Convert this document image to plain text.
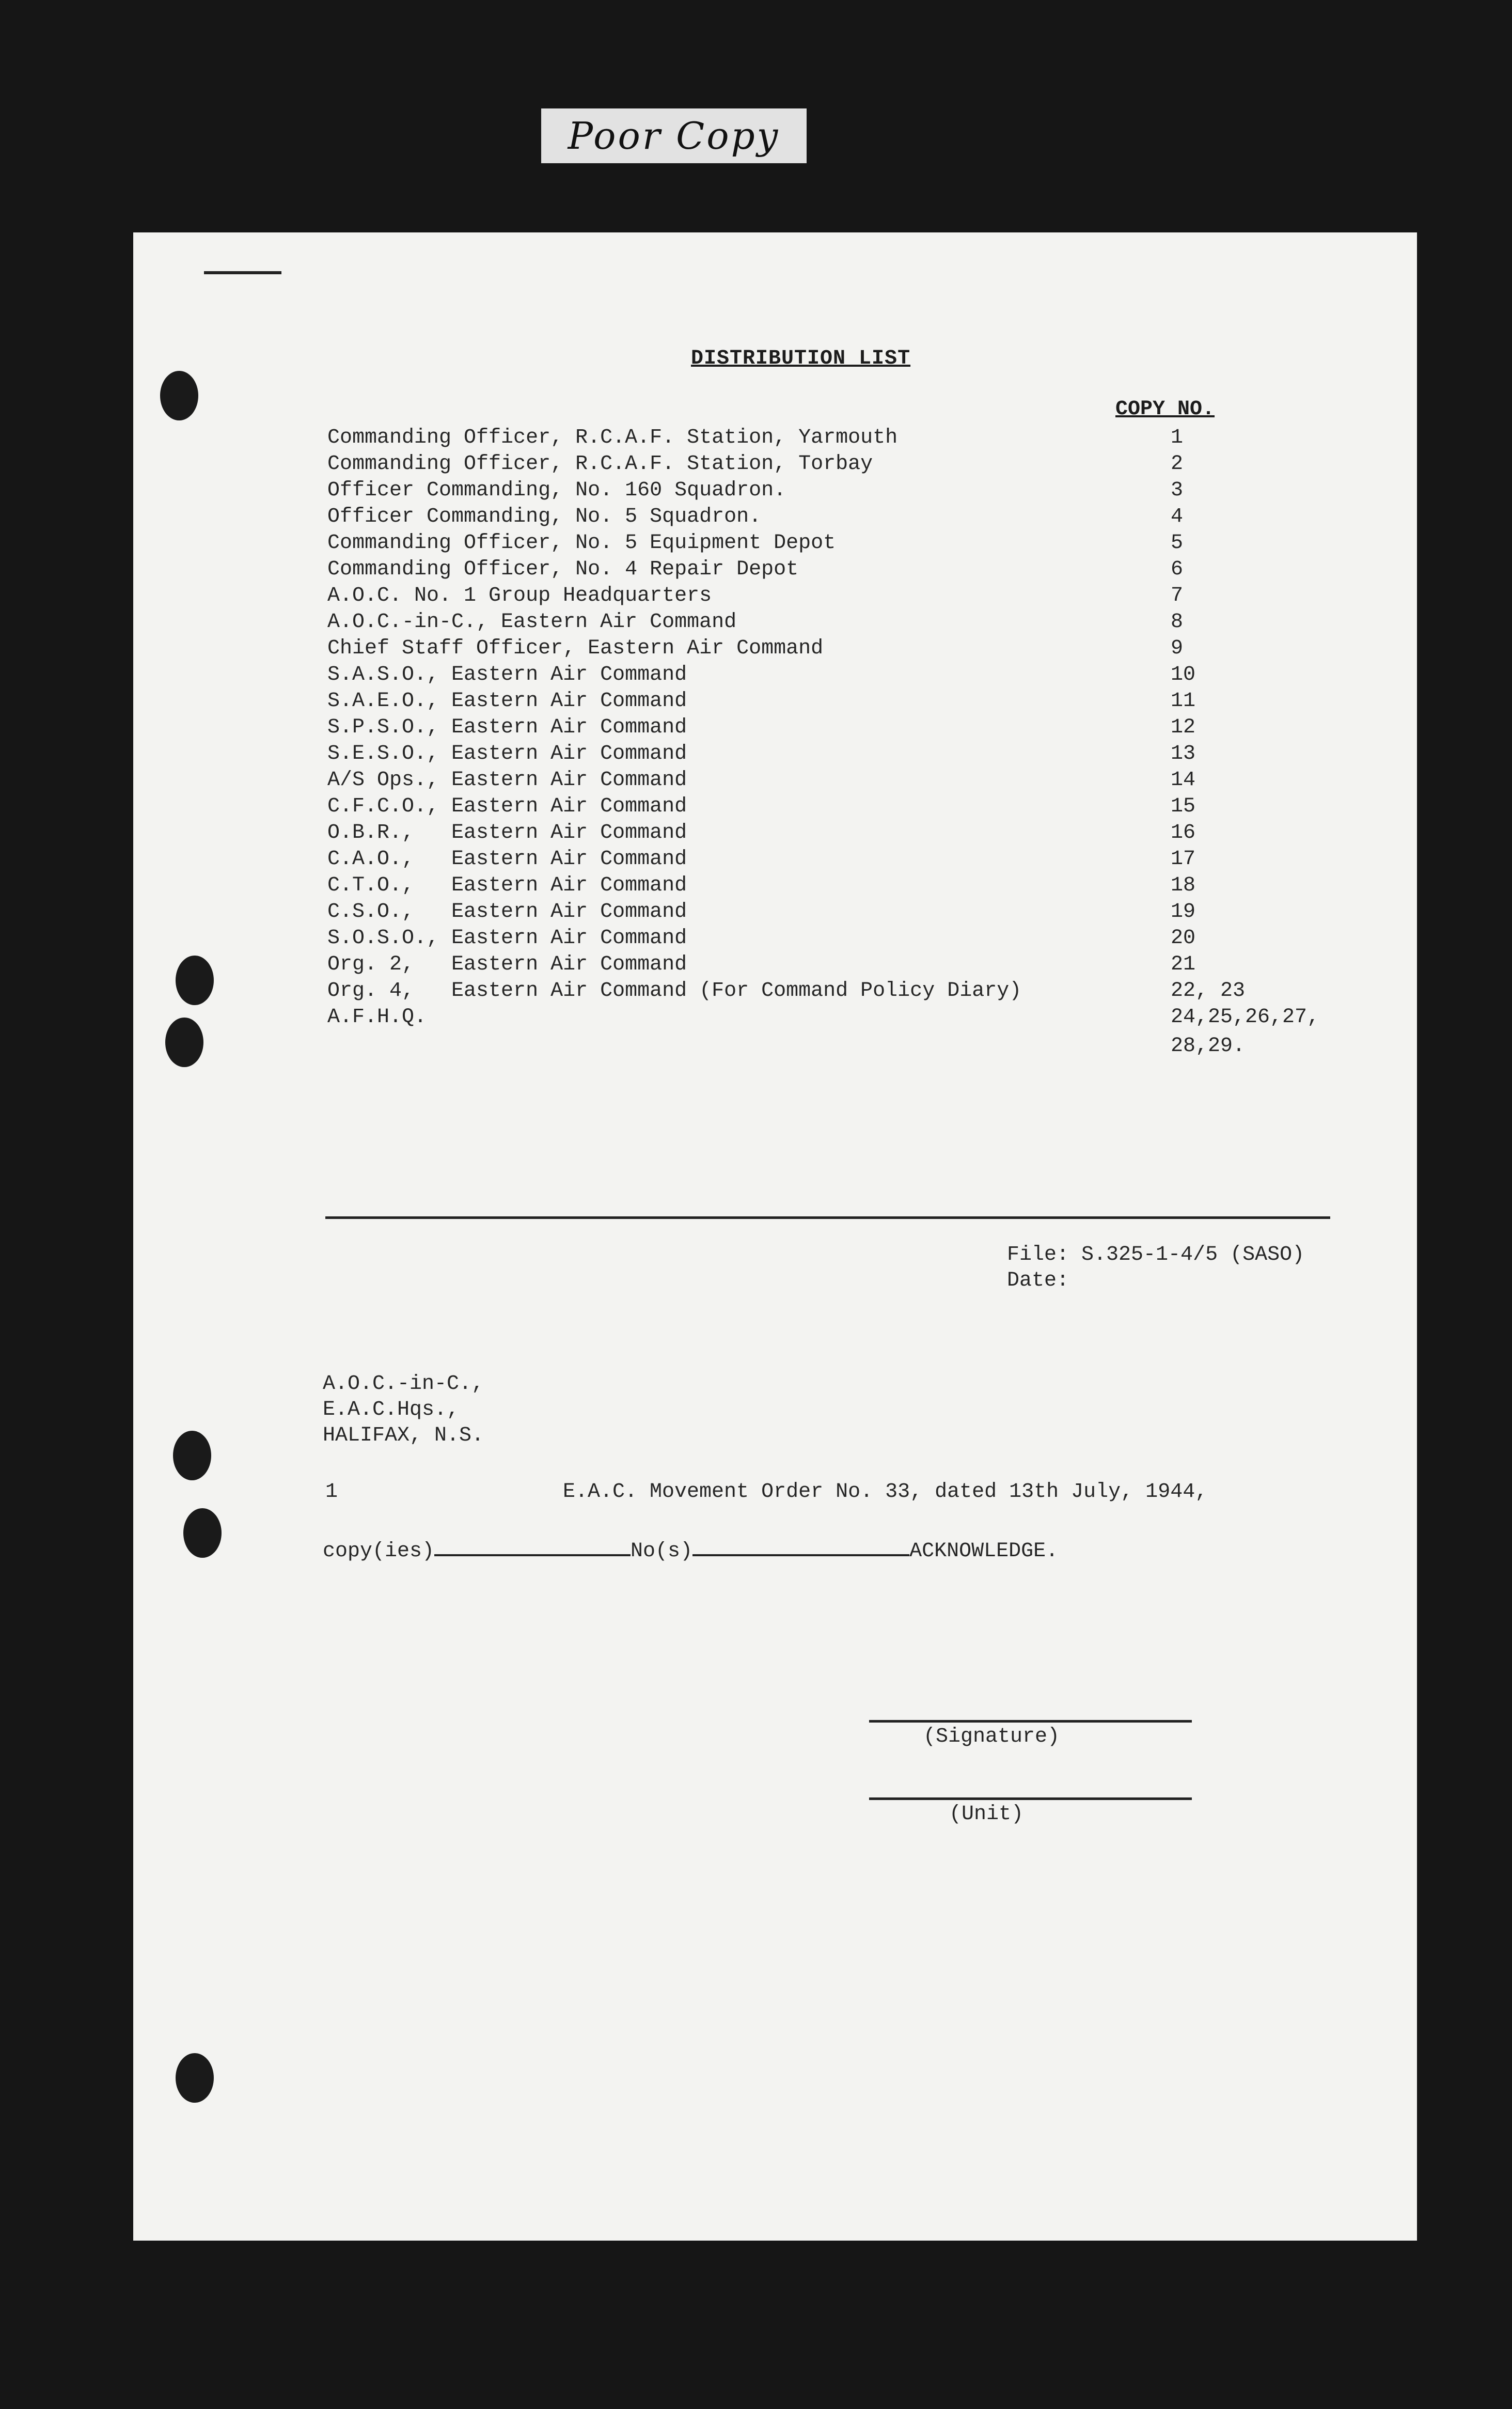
Poor Copy
DISTRIBUTION LIST
COPY NO.
Commanding Officer, R.C.A.F. Station, Yarmouth	1
Commanding Officer, R.C.A.F. Station, Torbay	2
Officer Commanding, No. 160 Squadron.	3
Officer Commanding, No. 5 Squadron.	4
Commanding Officer, No. 5 Equipment Depot	5
Commanding Officer, No. 4 Repair Depot	6
A.O.C. No. 1 Group Headquarters	7
A.O.C.-in-C., Eastern Air Command	8
Chief Staff Officer, Eastern Air Command	9
S.A.S.O., Eastern Air Command	10
S.A.E.O., Eastern Air Command	11
S.P.S.O., Eastern Air Command	12
S.E.S.O., Eastern Air Command	13
A/S Ops., Eastern Air Command	14
C.F.C.O., Eastern Air Command	15
O.B.R.,   Eastern Air Command	16
C.A.O.,   Eastern Air Command	17
C.T.O.,   Eastern Air Command	18
C.S.O.,   Eastern Air Command	19
S.O.S.O., Eastern Air Command	20
Org. 2,   Eastern Air Command	21
Org. 4,   Eastern Air Command (For Command Policy Diary)	22, 23
A.F.H.Q.	24,25,26,27,
28,29.
File: S.325-1-4/5 (SASO)
Date:
A.O.C.-in-C.,
E.A.C.Hqs.,
HALIFAX, N.S.
1	E.A.C. Movement Order No. 33, dated 13th July, 1944,
copy(ies)	No(s)	ACKNOWLEDGE.
(Signature)
(Unit)
